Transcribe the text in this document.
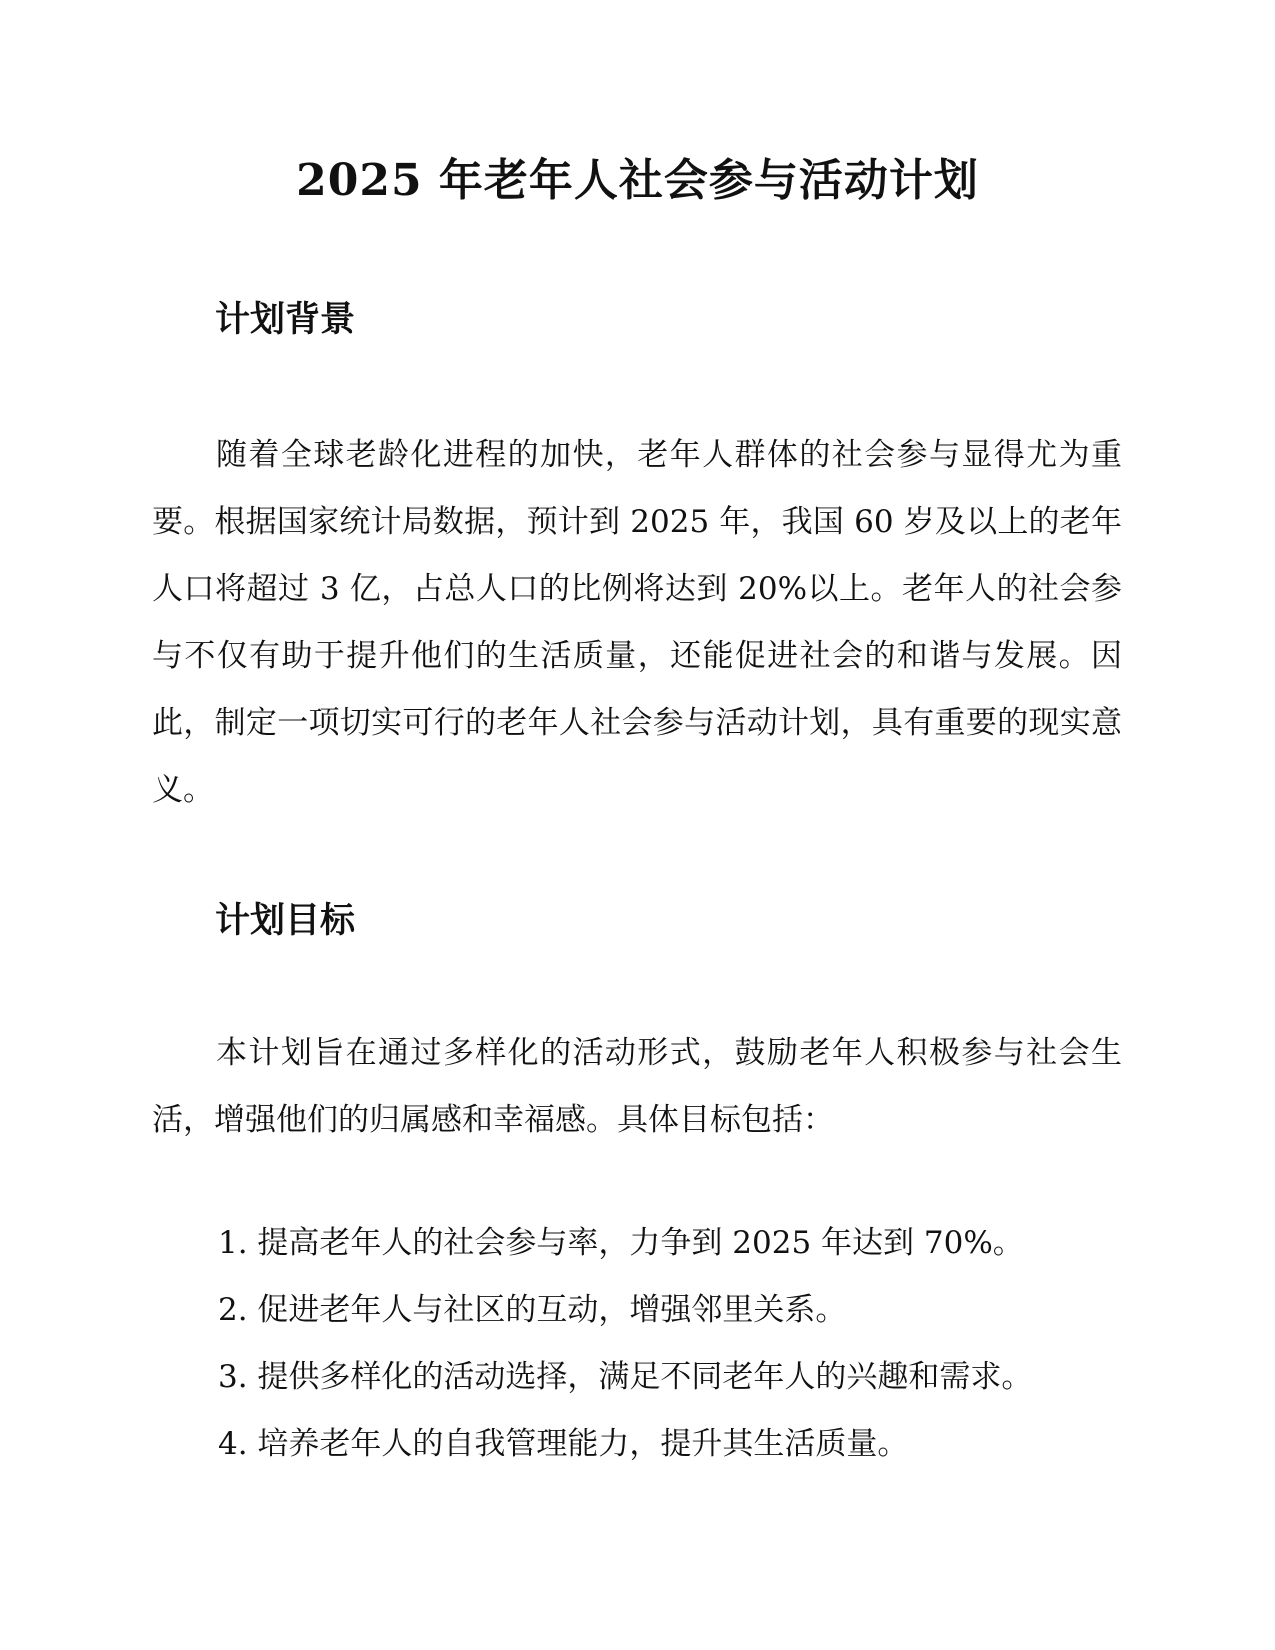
2025 年老年人社会参与活动计划
计划背景

随着全球老龄化进程的加快，老年人群体的社会参与显得尤为重要。根据国家统计局数据，预计到 2025 年，我国 60 岁及以上的老年人口将超过 3 亿，占总人口的比例将达到 20%以上。老年人的社会参与不仅有助于提升他们的生活质量，还能促进社会的和谐与发展。因此，制定一项切实可行的老年人社会参与活动计划，具有重要的现实意义。

计划目标

本计划旨在通过多样化的活动形式，鼓励老年人积极参与社会生活，增强他们的归属感和幸福感。具体目标包括：

1. 提高老年人的社会参与率，力争到 2025 年达到 70%。
2. 促进老年人与社区的互动，增强邻里关系。
3. 提供多样化的活动选择，满足不同老年人的兴趣和需求。
4. 培养老年人的自我管理能力，提升其生活质量。
